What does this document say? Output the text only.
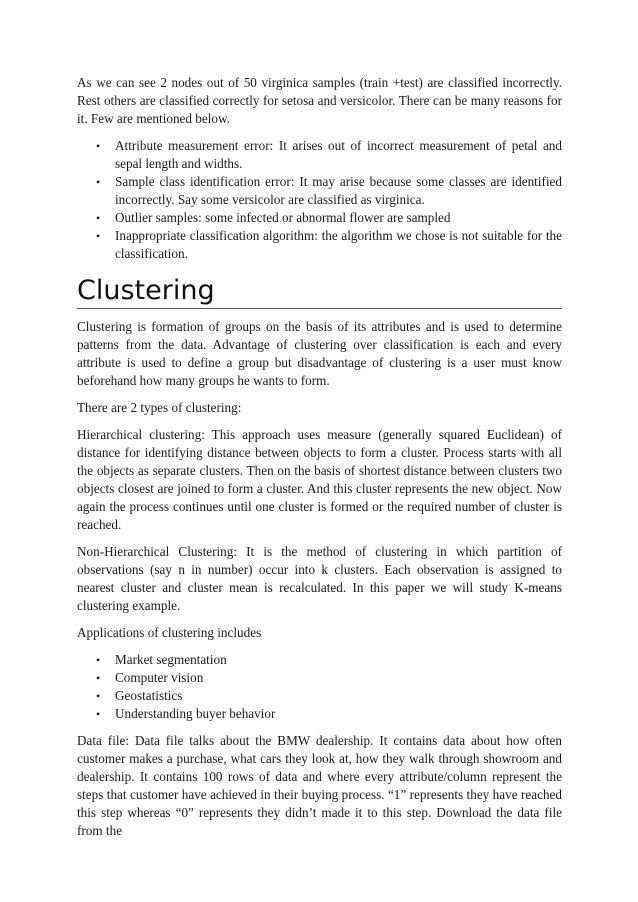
As we can see 2 nodes out of 50 virginica samples (train +test) are classified incorrectly. Rest others are classified correctly for setosa and versicolor. There can be many reasons for it. Few are mentioned below.

• Attribute measurement error: It arises out of incorrect measurement of petal and sepal length and widths.
• Sample class identification error: It may arise because some classes are identified incorrectly. Say some versicolor are classified as virginica.
• Outlier samples: some infected or abnormal flower are sampled
• Inappropriate classification algorithm: the algorithm we chose is not suitable for the classification.
Clustering

Clustering is formation of groups on the basis of its attributes and is used to determine patterns from the data. Advantage of clustering over classification is each and every attribute is used to define a group but disadvantage of clustering is a user must know beforehand how many groups he wants to form.

There are 2 types of clustering:

Hierarchical clustering: This approach uses measure (generally squared Euclidean) of distance for identifying distance between objects to form a cluster. Process starts with all the objects as separate clusters. Then on the basis of shortest distance between clusters two objects closest are joined to form a cluster. And this cluster represents the new object. Now again the process continues until one cluster is formed or the required number of cluster is reached.

Non-Hierarchical Clustering: It is the method of clustering in which partition of observations (say n in number) occur into k clusters. Each observation is assigned to nearest cluster and cluster mean is recalculated. In this paper we will study K-means clustering example.

Applications of clustering includes

• Market segmentation
• Computer vision
• Geostatistics
• Understanding buyer behavior

Data file: Data file talks about the BMW dealership. It contains data about how often customer makes a purchase, what cars they look at, how they walk through showroom and dealership. It contains 100 rows of data and where every attribute/column represent the steps that customer have achieved in their buying process. “1” represents they have reached this step whereas “0” represents they didn’t made it to this step. Download the data file from the
